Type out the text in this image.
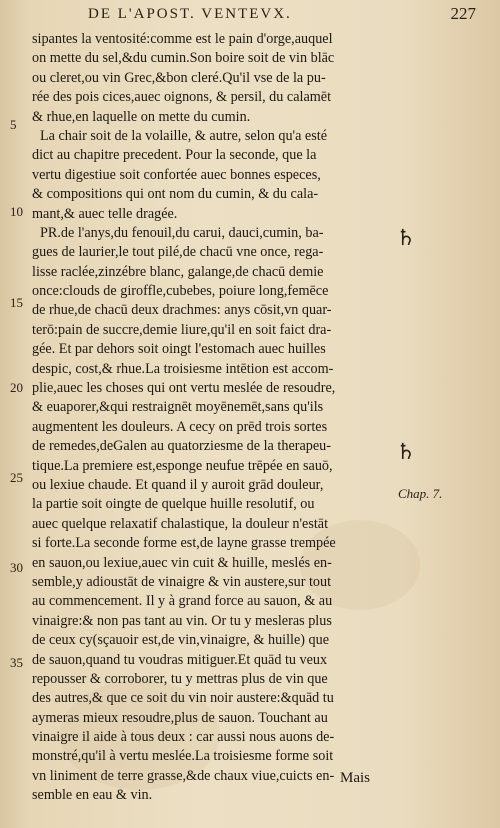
DE L'APOST. VENTEVX.	227
5
10
15
20
25
30
35
♄
♄
Chap. 7.
sipantes la ventosité:comme est le pain d'orge,auquel
on mette du sel,&du cumin.Son boire soit de vin blāc
ou cleret,ou vin Grec,&bon cleré.Qu'il vse de la pu-
rée des pois cices,auec oignons, & persil, du calamēt
& rhue,en laquelle on mette du cumin.
La chair soit de la volaille, & autre, selon qu'a esté
dict au chapitre precedent. Pour la seconde, que la
vertu digestiue soit confortée auec bonnes especes,
& compositions qui ont nom du cumin, & du cala-
mant,& auec telle dragée.
PR.de l'anys,du fenouil,du carui, dauci,cumin, ba-
gues de laurier,le tout pilé,de chacū vne once, rega-
lisse raclée,zinzébre blanc, galange,de chacū demie
once:clouds de giroffle,cubebes, poiure long,femēce
de rhue,de chacū deux drachmes: anys cōsit,vn quar-
terō:pain de succre,demie liure,qu'il en soit faict dra-
gée. Et par dehors soit oingt l'estomach auec huilles
despic, cost,& rhue.La troisiesme intētion est accom-
plie,auec les choses qui ont vertu meslée de resoudre,
& euaporer,&qui restraignēt moyēnemēt,sans qu'ils
augmentent les douleurs. A cecy on prēd trois sortes
de remedes,deGalen au quatorziesme de la therapeu-
tique.La premiere est,esponge neufue trēpée en sauō,
ou lexiue chaude. Et quand il y auroit grād douleur,
la partie soit oingte de quelque huille resolutif, ou
auec quelque relaxatif chalastique, la douleur n'estāt
si forte.La seconde forme est,de layne grasse trempée
en sauon,ou lexiue,auec vin cuit & huille, meslés en-
semble,y adioustāt de vinaigre & vin austere,sur tout
au commencement. Il y à grand force au sauon, & au
vinaigre:& non pas tant au vin. Or tu y mesleras plus
de ceux cy(sçauoir est,de vin,vinaigre, & huille) que
de sauon,quand tu voudras mitiguer.Et quād tu veux
repousser & corroborer, tu y mettras plus de vin que
des autres,& que ce soit du vin noir austere:&quād tu
aymeras mieux resoudre,plus de sauon. Touchant au
vinaigre il aide à tous deux : car aussi nous auons de-
monstré,qu'il à vertu meslée.La troisiesme forme soit
vn liniment de terre grasse,&de chaux viue,cuicts en-
semble en eau & vin.
Mais
